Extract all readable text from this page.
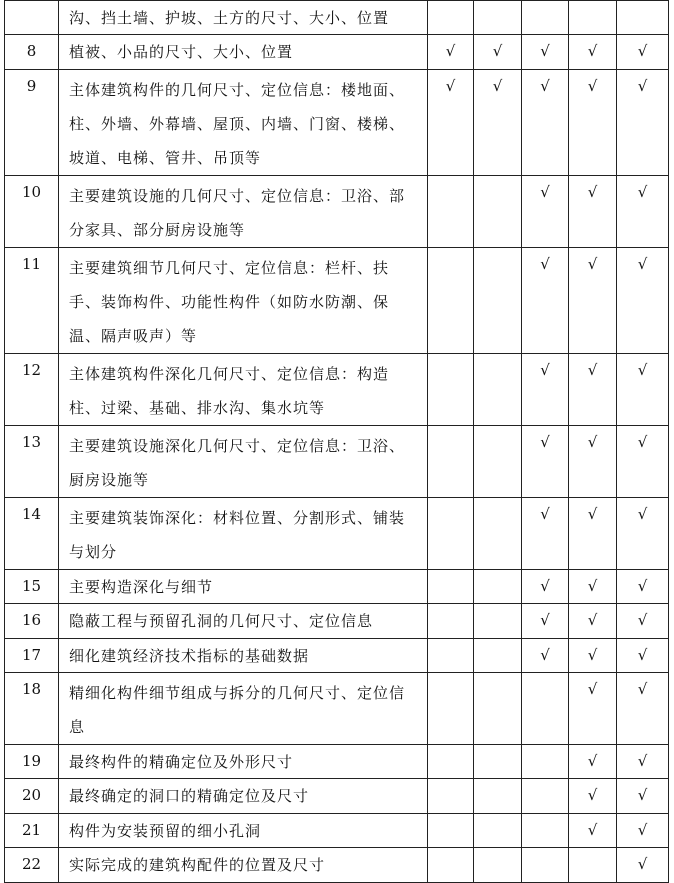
	沟、挡土墙、护坡、土方的尺寸、大小、位置					
8	植被、小品的尺寸、大小、位置	√	√	√	√	√
9	主体建筑构件的几何尺寸、定位信息：楼地面、柱、外墙、外幕墙、屋顶、内墙、门窗、楼梯、坡道、电梯、管井、吊顶等	√	√	√	√	√
10	主要建筑设施的几何尺寸、定位信息：卫浴、部分家具、部分厨房设施等			√	√	√
11	主要建筑细节几何尺寸、定位信息：栏杆、扶手、装饰构件、功能性构件（如防水防潮、保温、隔声吸声）等			√	√	√
12	主体建筑构件深化几何尺寸、定位信息：构造柱、过梁、基础、排水沟、集水坑等			√	√	√
13	主要建筑设施深化几何尺寸、定位信息：卫浴、厨房设施等			√	√	√
14	主要建筑装饰深化：材料位置、分割形式、铺装与划分			√	√	√
15	主要构造深化与细节			√	√	√
16	隐蔽工程与预留孔洞的几何尺寸、定位信息			√	√	√
17	细化建筑经济技术指标的基础数据			√	√	√
18	精细化构件细节组成与拆分的几何尺寸、定位信息				√	√
19	最终构件的精确定位及外形尺寸				√	√
20	最终确定的洞口的精确定位及尺寸				√	√
21	构件为安装预留的细小孔洞				√	√
22	实际完成的建筑构配件的位置及尺寸					√
